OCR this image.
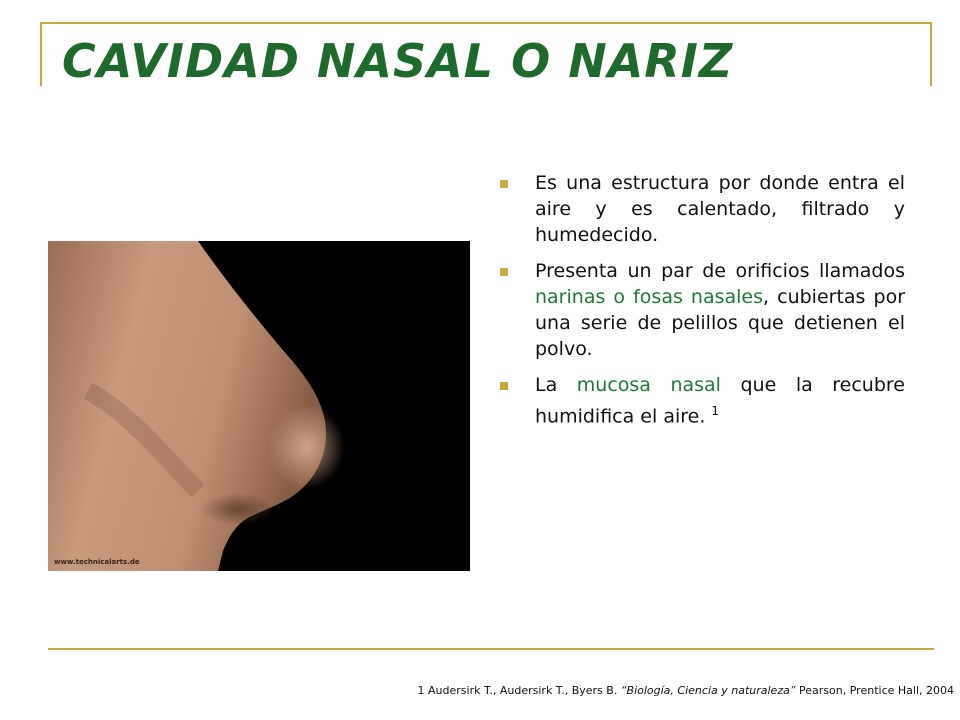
CAVIDAD NASAL O NARIZ
www.technicalarts.de
Es una estructura por donde entra el aire y es calentado, filtrado y humedecido.
Presenta un par de orificios llamados narinas o fosas nasales, cubiertas por una serie de pelillos que detienen el polvo.
La mucosa nasal que la recubre humidifica el aire. $^1$
1 Audersirk T., Audersirk T., Byers B. “Biología, Ciencia y naturaleza” Pearson, Prentice Hall, 2004
